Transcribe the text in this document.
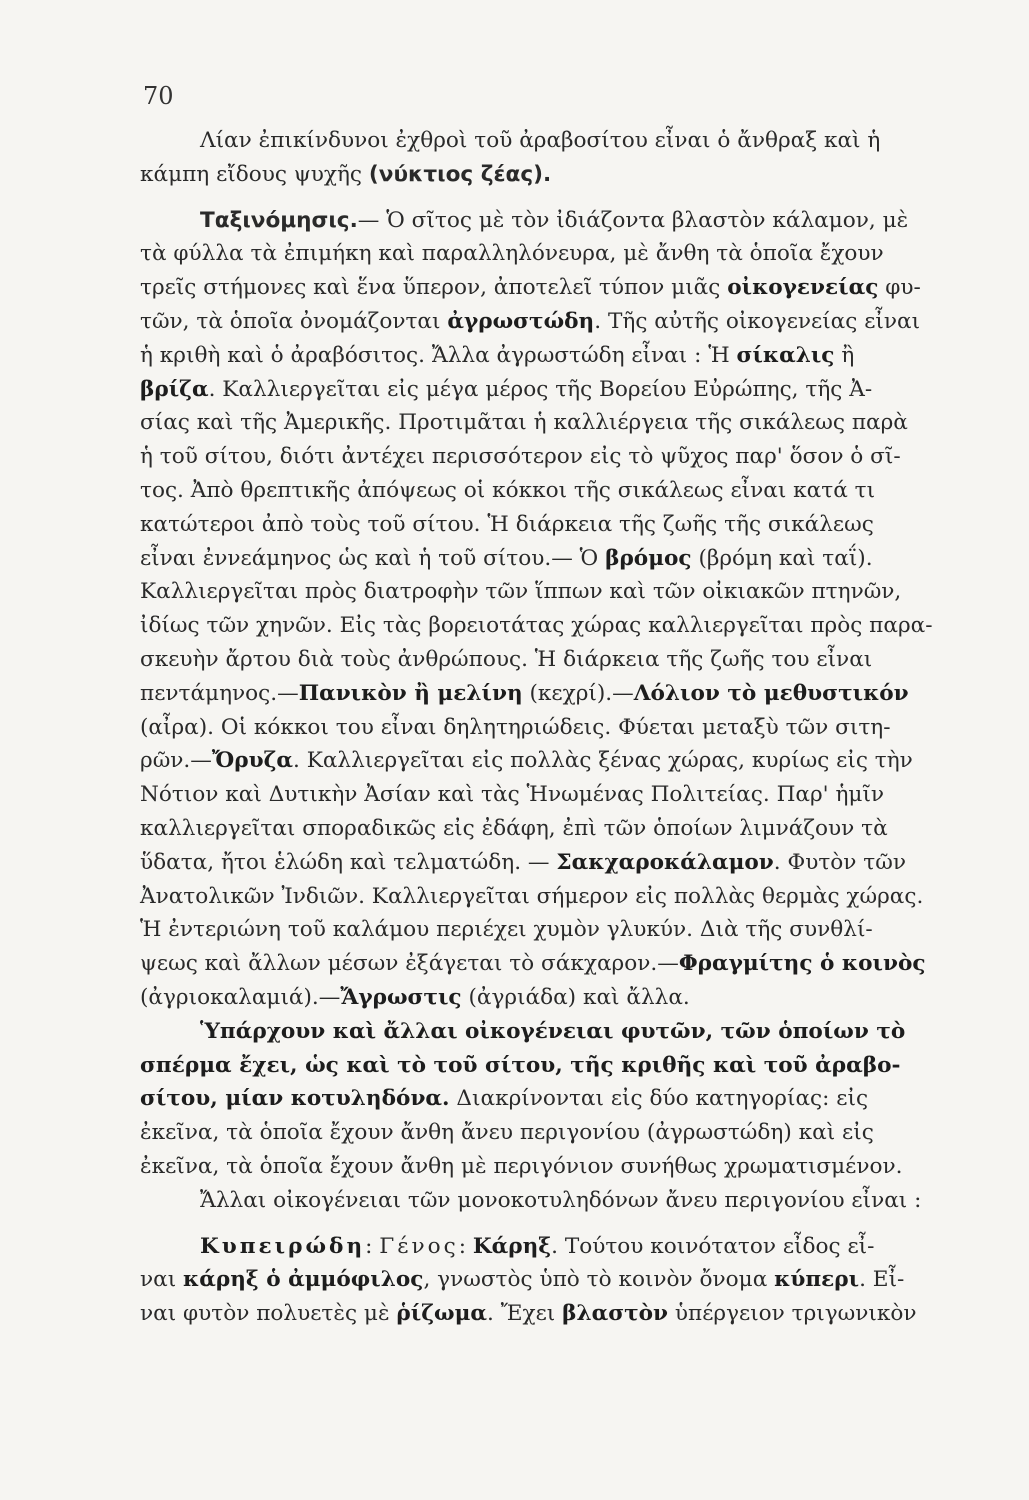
70
Λίαν ἐπικίνδυνοι ἐχθροὶ τοῦ ἀραβοσίτου εἶναι ὁ ἄνθραξ καὶ ἡ
κάμπη εἴδους ψυχῆς (νύκτιος ζέας).
Ταξινόμησις.— Ὁ σῖτος μὲ τὸν ἰδιάζοντα βλαστὸν κάλαμον, μὲ
τὰ φύλλα τὰ ἐπιμήκη καὶ παραλληλόνευρα, μὲ ἄνθη τὰ ὁποῖα ἔχουν
τρεῖς στήμονες καὶ ἕνα ὕπερον, ἀποτελεῖ τύπον μιᾶς οἰκογενείας φυ-
τῶν, τὰ ὁποῖα ὀνομάζονται ἀγρωστώδη. Τῆς αὐτῆς οἰκογενείας εἶναι
ἡ κριθὴ καὶ ὁ ἀραβόσιτος. Ἄλλα ἀγρωστώδη εἶναι : Ἡ σίκαλις ἢ
βρίζα. Καλλιεργεῖται εἰς μέγα μέρος τῆς Βορείου Εὐρώπης, τῆς Ἀ-
σίας καὶ τῆς Ἀμερικῆς. Προτιμᾶται ἡ καλλιέργεια τῆς σικάλεως παρὰ
ἡ τοῦ σίτου, διότι ἀντέχει περισσότερον εἰς τὸ ψῦχος παρ' ὅσον ὁ σῖ-
τος. Ἀπὸ θρεπτικῆς ἀπόψεως οἱ κόκκοι τῆς σικάλεως εἶναι κατά τι
κατώτεροι ἀπὸ τοὺς τοῦ σίτου. Ἡ διάρκεια τῆς ζωῆς τῆς σικάλεως
εἶναι ἐννεάμηνος ὡς καὶ ἡ τοῦ σίτου.— Ὁ βρόμος (βρόμη καὶ ταΐ).
Καλλιεργεῖται πρὸς διατροφὴν τῶν ἵππων καὶ τῶν οἰκιακῶν πτηνῶν,
ἰδίως τῶν χηνῶν. Εἰς τὰς βορειοτάτας χώρας καλλιεργεῖται πρὸς παρα-
σκευὴν ἄρτου διὰ τοὺς ἀνθρώπους. Ἡ διάρκεια τῆς ζωῆς του εἶναι
πεντάμηνος.—Πανικὸν ἢ μελίνη (κεχρί).—Λόλιον τὸ μεθυστικόν
(αἶρα). Οἱ κόκκοι του εἶναι δηλητηριώδεις. Φύεται μεταξὺ τῶν σιτη-
ρῶν.—Ὄρυζα. Καλλιεργεῖται εἰς πολλὰς ξένας χώρας, κυρίως εἰς τὴν
Νότιον καὶ Δυτικὴν Ἀσίαν καὶ τὰς Ἡνωμένας Πολιτείας. Παρ' ἡμῖν
καλλιεργεῖται σποραδικῶς εἰς ἐδάφη, ἐπὶ τῶν ὁποίων λιμνάζουν τὰ
ὕδατα, ἤτοι ἑλώδη καὶ τελματώδη. — Σακχαροκάλαμον. Φυτὸν τῶν
Ἀνατολικῶν Ἰνδιῶν. Καλλιεργεῖται σήμερον εἰς πολλὰς θερμὰς χώρας.
Ἡ ἐντεριώνη τοῦ καλάμου περιέχει χυμὸν γλυκύν. Διὰ τῆς συνθλί-
ψεως καὶ ἄλλων μέσων ἐξάγεται τὸ σάκχαρον.—Φραγμίτης ὁ κοινὸς
(ἀγριοκαλαμιά).—Ἄγρωστις (ἀγριάδα) καὶ ἄλλα.
Ὑπάρχουν καὶ ἄλλαι οἰκογένειαι φυτῶν, τῶν ὁποίων τὸ
σπέρμα ἔχει, ὡς καὶ τὸ τοῦ σίτου, τῆς κριθῆς καὶ τοῦ ἀραβο-
σίτου, μίαν κοτυληδόνα. Διακρίνονται εἰς δύο κατηγορίας: εἰς
ἐκεῖνα, τὰ ὁποῖα ἔχουν ἄνθη ἄνευ περιγονίου (ἀγρωστώδη) καὶ εἰς
ἐκεῖνα, τὰ ὁποῖα ἔχουν ἄνθη μὲ περιγόνιον συνήθως χρωματισμένον.
Ἄλλαι οἰκογένειαι τῶν μονοκοτυληδόνων ἄνευ περιγονίου εἶναι :
Κυπειρώδη: Γένος: Κάρηξ. Τούτου κοινότατον εἶδος εἶ-
ναι κάρηξ ὁ ἀμμόφιλος, γνωστὸς ὑπὸ τὸ κοινὸν ὄνομα κύπερι. Εἶ-
ναι φυτὸν πολυετὲς μὲ ῥίζωμα. Ἔχει βλαστὸν ὑπέργειον τριγωνικὸν
